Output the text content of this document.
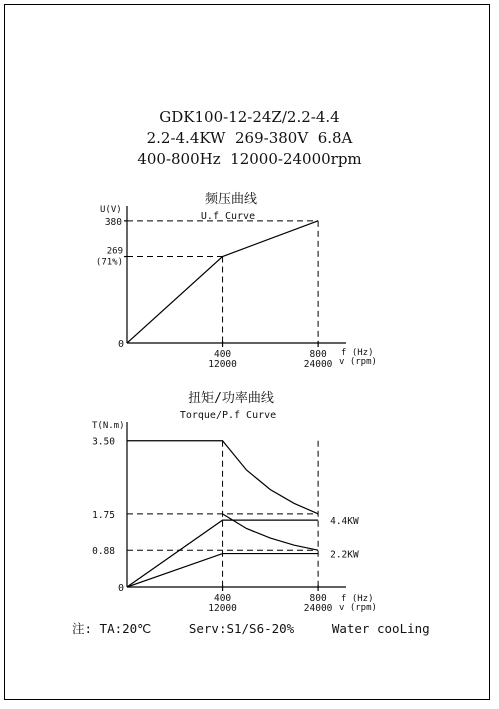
GDK100-12-24Z/2.2-4.4
2.2-4.4KW  269-380V  6.8A
400-800Hz  12000-24000rpm
频压曲线
U.f Curve
U(V)
f (Hz)
v (rpm)
0
400
12000
800
24000
269
(71%)
380
扭矩/功率曲线
Torque/P.f Curve
T(N.m)
f (Hz)
v (rpm)
0
400
12000
800
24000
0.88
1.75
3.50
4.4KW
2.2KW
注: TA:20℃     Serv:S1/S6-20%     Water cooLing
